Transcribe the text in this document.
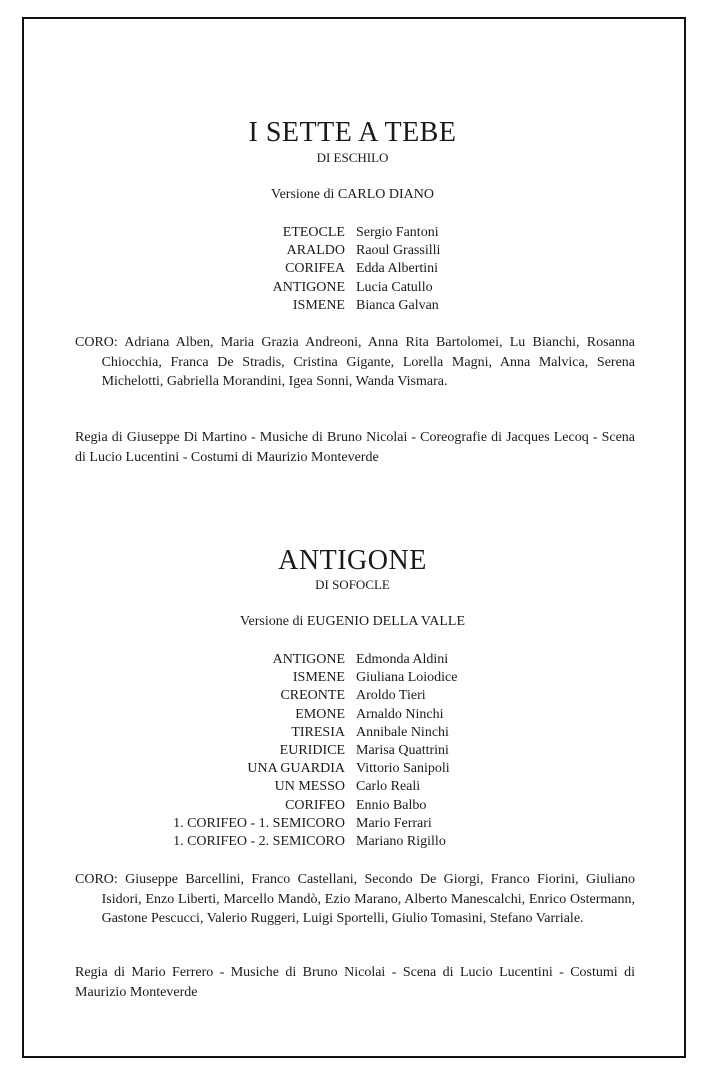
I SETTE A TEBE
DI ESCHILO
Versione di CARLO DIANO
ETEOCLE Sergio Fantoni
ARALDO Raoul Grassilli
CORIFEA Edda Albertini
ANTIGONE Lucia Catullo
ISMENE Bianca Galvan

CORO: Adriana Alben, Maria Grazia Andreoni, Anna Rita Bartolomei, Lu Bianchi, Rosanna Chiocchia, Franca De Stradis, Cristina Gigante, Lorella Magni, Anna Malvica, Serena Michelotti, Gabriella Morandini, Igea Sonni, Wanda Vismara.

Regia di Giuseppe Di Martino - Musiche di Bruno Nicolai - Coreografie di Jacques Lecoq - Scena di Lucio Lucentini - Costumi di Maurizio Monteverde

ANTIGONE
DI SOFOCLE
Versione di EUGENIO DELLA VALLE
ANTIGONE Edmonda Aldini
ISMENE Giuliana Loiodice
CREONTE Aroldo Tieri
EMONE Arnaldo Ninchi
TIRESIA Annibale Ninchi
EURIDICE Marisa Quattrini
UNA GUARDIA Vittorio Sanipoli
UN MESSO Carlo Reali
CORIFEO Ennio Balbo
1. CORIFEO - 1. SEMICORO Mario Ferrari
1. CORIFEO - 2. SEMICORO Mariano Rigillo

CORO: Giuseppe Barcellini, Franco Castellani, Secondo De Giorgi, Franco Fiorini, Giuliano Isidori, Enzo Liberti, Marcello Mandò, Ezio Marano, Alberto Manescalchi, Enrico Ostermann, Gastone Pescucci, Valerio Ruggeri, Luigi Sportelli, Giulio Tomasini, Stefano Varriale.

Regia di Mario Ferrero - Musiche di Bruno Nicolai - Scena di Lucio Lucentini - Costumi di Maurizio Monteverde
